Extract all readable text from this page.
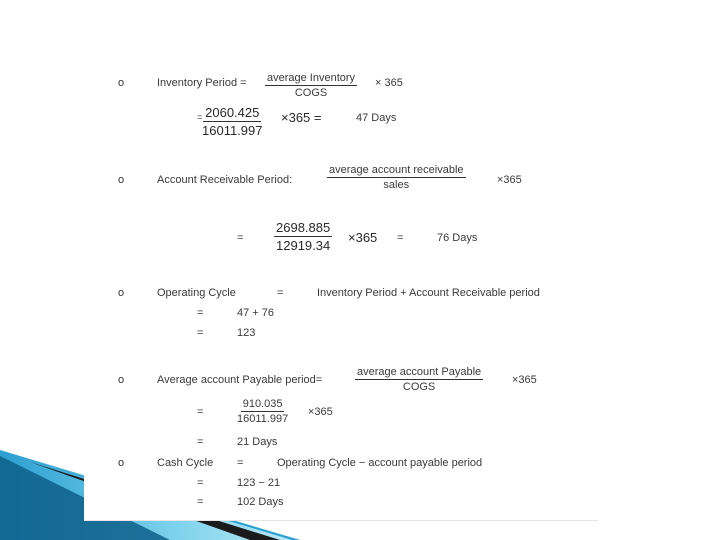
o	Inventory Period = average Inventory
COGS
× 365
= $\frac{2060.425}{16011.997} \times 365$ =	47 Days
o	Account Receivable Period:
average account receivable
sales	×365
= $\frac{2698.885}{12919.34} \times 365$ =	76 Days
o	Operating Cycle	=	Inventory Period + Account Receivable period
=	47 + 76
=	123
o	Average account Payable period=
average account Payable
COGS
×365
=	$\frac{910.035}{16011.997} \times 365$
=	21 Days
o	Cash Cycle =	Operating Cycle − account payable period
=	123 − 21
=	102 Days
